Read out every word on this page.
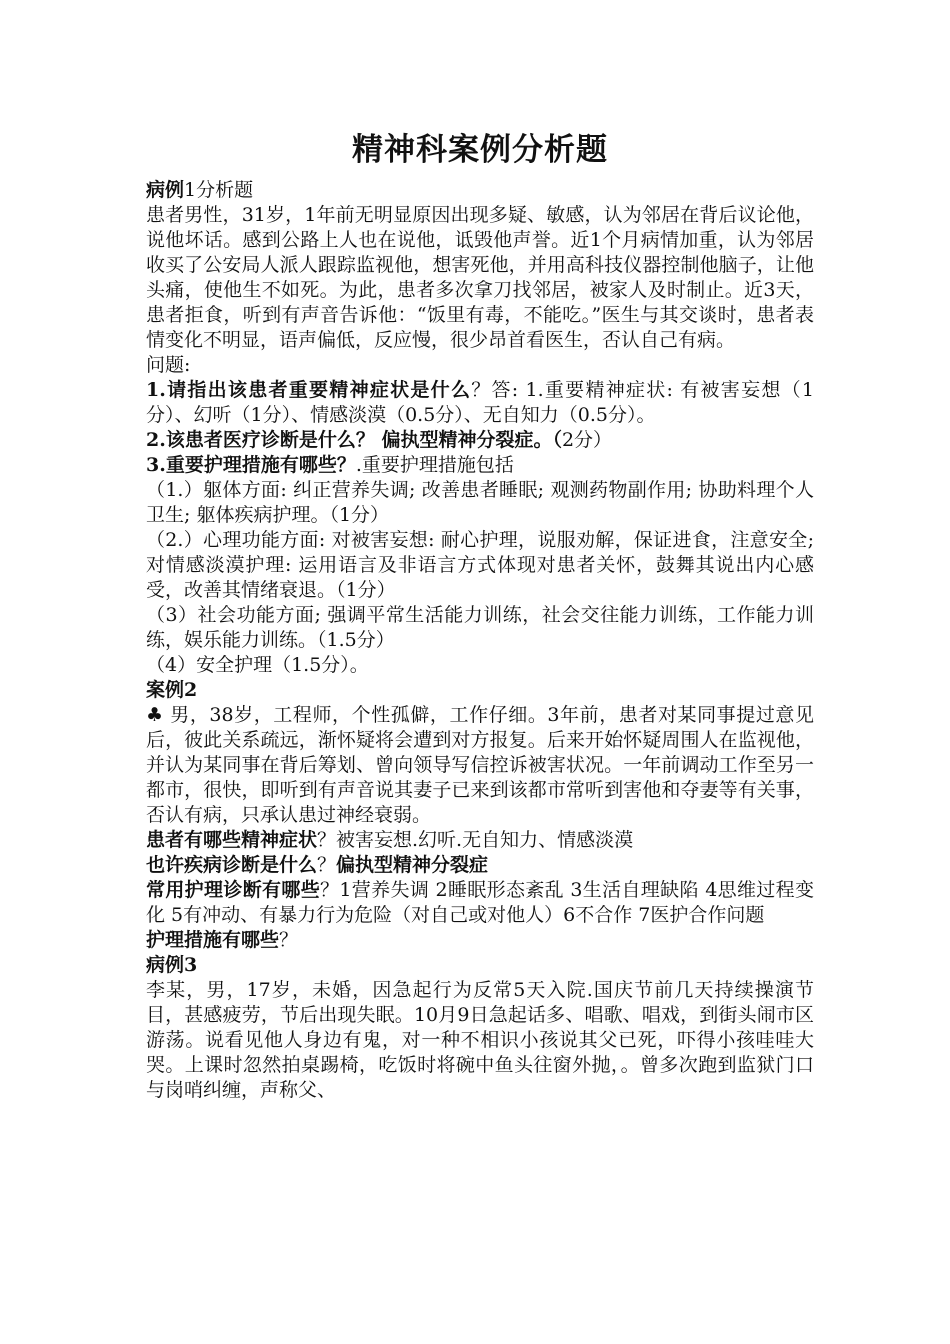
精神科案例分析题

病例1分析题

患者男性，31岁，1年前无明显原因出现多疑、敏感，认为邻居在背后议论他，说他坏话。感到公路上人也在说他，诋毁他声誉。近1个月病情加重，认为邻居收买了公安局人派人跟踪监视他，想害死他，并用高科技仪器控制他脑子，让他头痛，使他生不如死。为此，患者多次拿刀找邻居，被家人及时制止。近3天，患者拒食，听到有声音告诉他：“饭里有毒，不能吃。”医生与其交谈时，患者表情变化不明显，语声偏低，反应慢，很少昂首看医生，否认自己有病。

问题:

1.请指出该患者重要精神症状是什么？答: 1.重要精神症状: 有被害妄想（1分）、幻听（1分）、情感淡漠（0.5分）、无自知力（0.5分）。

2.该患者医疗诊断是什么？ 偏执型精神分裂症。（2分）

3.重要护理措施有哪些？.重要护理措施包括

（1.）躯体方面: 纠正营养失调; 改善患者睡眠; 观测药物副作用; 协助料理个人卫生; 躯体疾病护理。（1分）

（2.）心理功能方面: 对被害妄想: 耐心护理，说服劝解，保证进食，注意安全; 对情感淡漠护理: 运用语言及非语言方式体现对患者关怀，鼓舞其说出内心感受，改善其情绪衰退。（1分）

（3）社会功能方面; 强调平常生活能力训练，社会交往能力训练，工作能力训练，娱乐能力训练。（1.5分）

（4）安全护理（1.5分）。

案例2

♣ 男，38岁，工程师，个性孤僻，工作仔细。3年前，患者对某同事提过意见后，彼此关系疏远，渐怀疑将会遭到对方报复。后来开始怀疑周围人在监视他，并认为某同事在背后筹划、曾向领导写信控诉被害状况。一年前调动工作至另一都市，很快，即听到有声音说其妻子已来到该都市常听到害他和夺妻等有关事，否认有病，只承认患过神经衰弱。

患者有哪些精神症状？被害妄想.幻听.无自知力、情感淡漠

也许疾病诊断是什么？偏执型精神分裂症

常用护理诊断有哪些？1营养失调 2睡眠形态紊乱 3生活自理缺陷 4思维过程变化 5有冲动、有暴力行为危险（对自己或对他人）6不合作 7医护合作问题

护理措施有哪些？

病例3

李某，男，17岁，未婚，因急起行为反常5天入院.国庆节前几天持续操演节目，甚感疲劳，节后出现失眠。10月9日急起话多、唱歌、唱戏，到街头闹市区游荡。说看见他人身边有鬼，对一种不相识小孩说其父已死，吓得小孩哇哇大哭。上课时忽然拍桌踢椅，吃饭时将碗中鱼头往窗外抛，。曾多次跑到监狱门口与岗哨纠缠，声称父、
